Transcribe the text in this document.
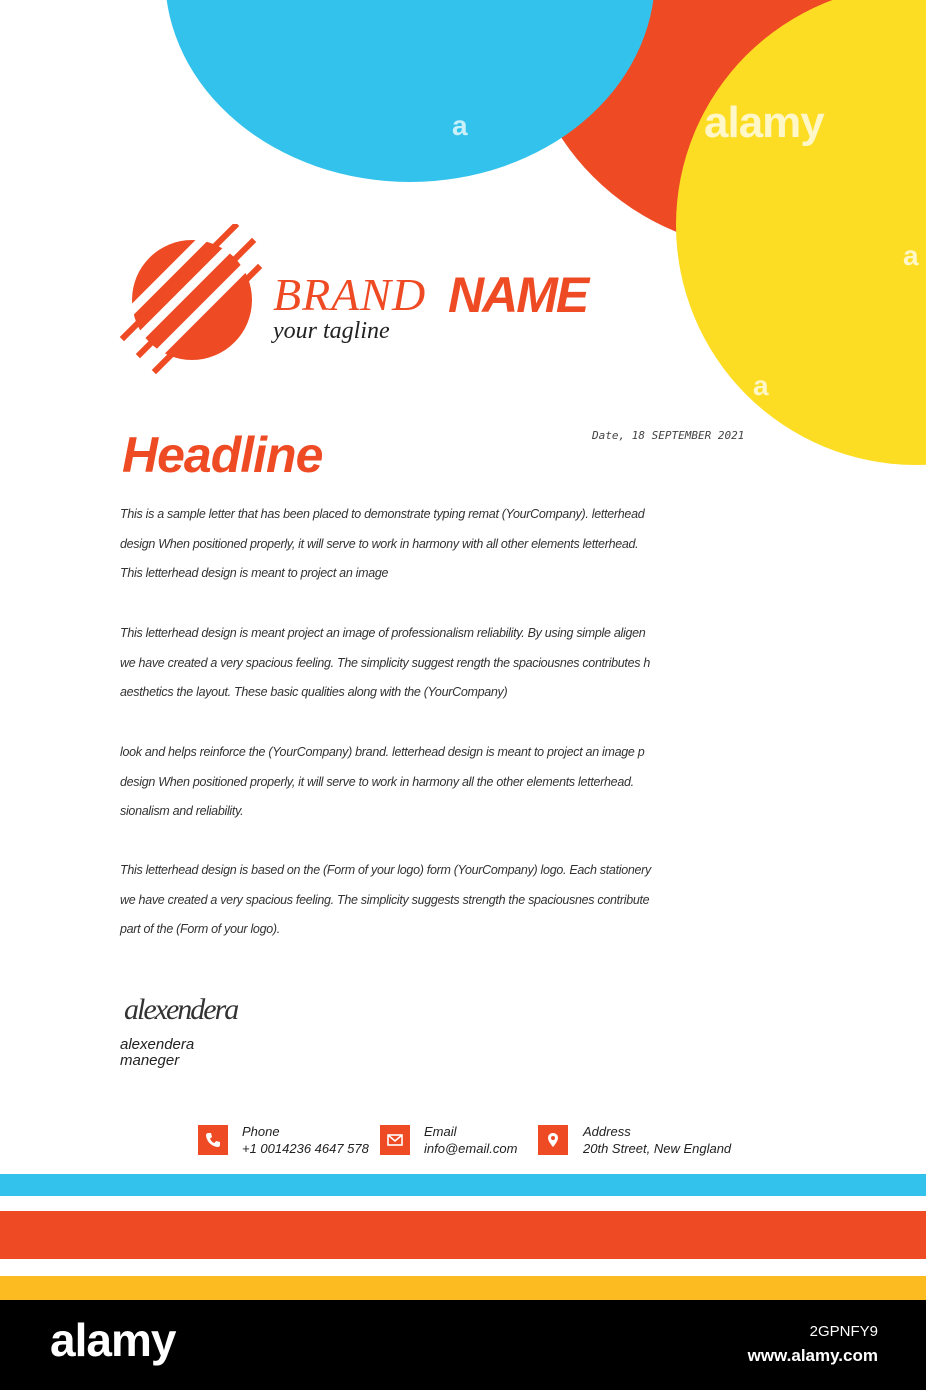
a	alamy
a
a
BRAND NAME
your tagline
Headline	Date, 18 SEPTEMBER 2021
This is a sample letter that has been placed to demonstrate typing remat (YourCompany). letterhead
design When positioned properly, it will serve to work in harmony with all other elements letterhead.
This letterhead design is meant to project an image
This letterhead design is meant project an image of professionalism reliability. By using simple aligen
we have created a very spacious feeling. The simplicity suggest rength the spaciousnes contributes h
aesthetics the layout. These basic qualities along with the (YourCompany)
look and helps reinforce the (YourCompany) brand. letterhead design is meant to project an image p
design When positioned properly, it will serve to work in harmony all the other elements letterhead.
sionalism and reliability.
This letterhead design is based on the (Form of your logo) form (YourCompany) logo. Each stationery
we have created a very spacious feeling. The simplicity suggests strength the spaciousnes contribute
part of the (Form of your logo).
alexendera
alexendera
maneger
Phone
+1 0014236 4647 578
Email
info@email.com
Address
20th Street, New England
alamy	2GPNFY9
www.alamy.com
